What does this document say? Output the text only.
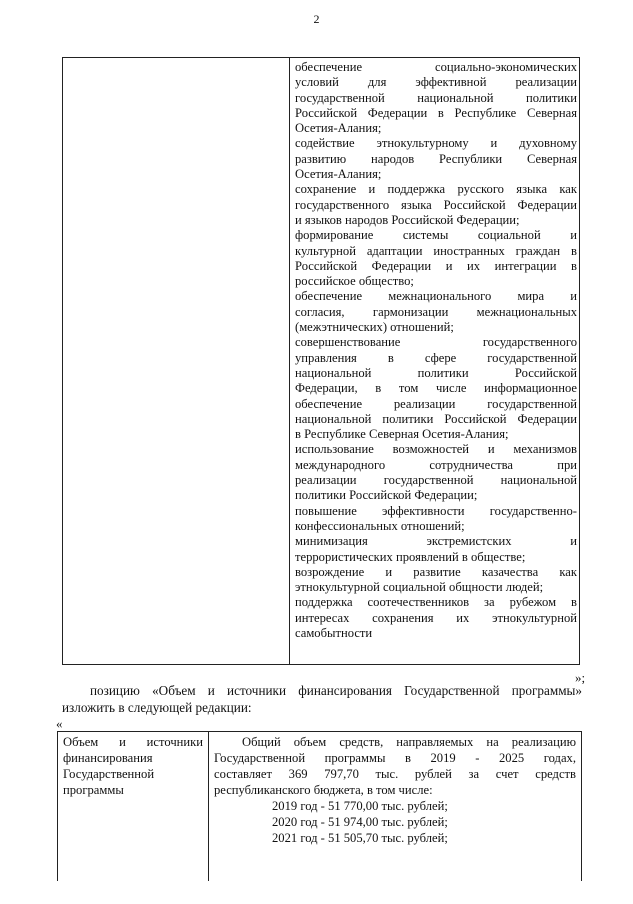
2
обеспечение социально-экономических
условий для эффективной реализации
государственной национальной политики
Российской Федерации в Республике Северная
Осетия-Алания;
содействие этнокультурному и духовному
развитию народов Республики Северная
Осетия-Алания;
сохранение и поддержка русского языка как
государственного языка Российской Федерации
и языков народов Российской Федерации;
формирование системы социальной и
культурной адаптации иностранных граждан в
Российской Федерации и их интеграции в
российское общество;
обеспечение межнационального мира и
согласия, гармонизации межнациональных
(межэтнических) отношений;
совершенствование государственного
управления в сфере государственной
национальной политики Российской
Федерации, в том числе информационное
обеспечение реализации государственной
национальной политики Российской Федерации
в Республике Северная Осетия-Алания;
использование возможностей и механизмов
международного сотрудничества при
реализации государственной национальной
политики Российской Федерации;
повышение эффективности государственно-
конфессиональных отношений;
минимизация экстремистских и
террористических проявлений в обществе;
возрождение и развитие казачества как
этнокультурной социальной общности людей;
поддержка соотечественников за рубежом в
интересах сохранения их этнокультурной
самобытности
»;
позицию «Объем и источники финансирования Государственной программы»
изложить в следующей редакции:
«
Объем и источники
финансирования
Государственной
программы
Общий объем средств, направляемых на реализацию
Государственной программы в 2019 - 2025 годах,
составляет 369 797,70 тыс. рублей за счет средств
республиканского бюджета, в том числе:
2019 год - 51 770,00 тыс. рублей;
2020 год - 51 974,00 тыс. рублей;
2021 год - 51 505,70 тыс. рублей;
